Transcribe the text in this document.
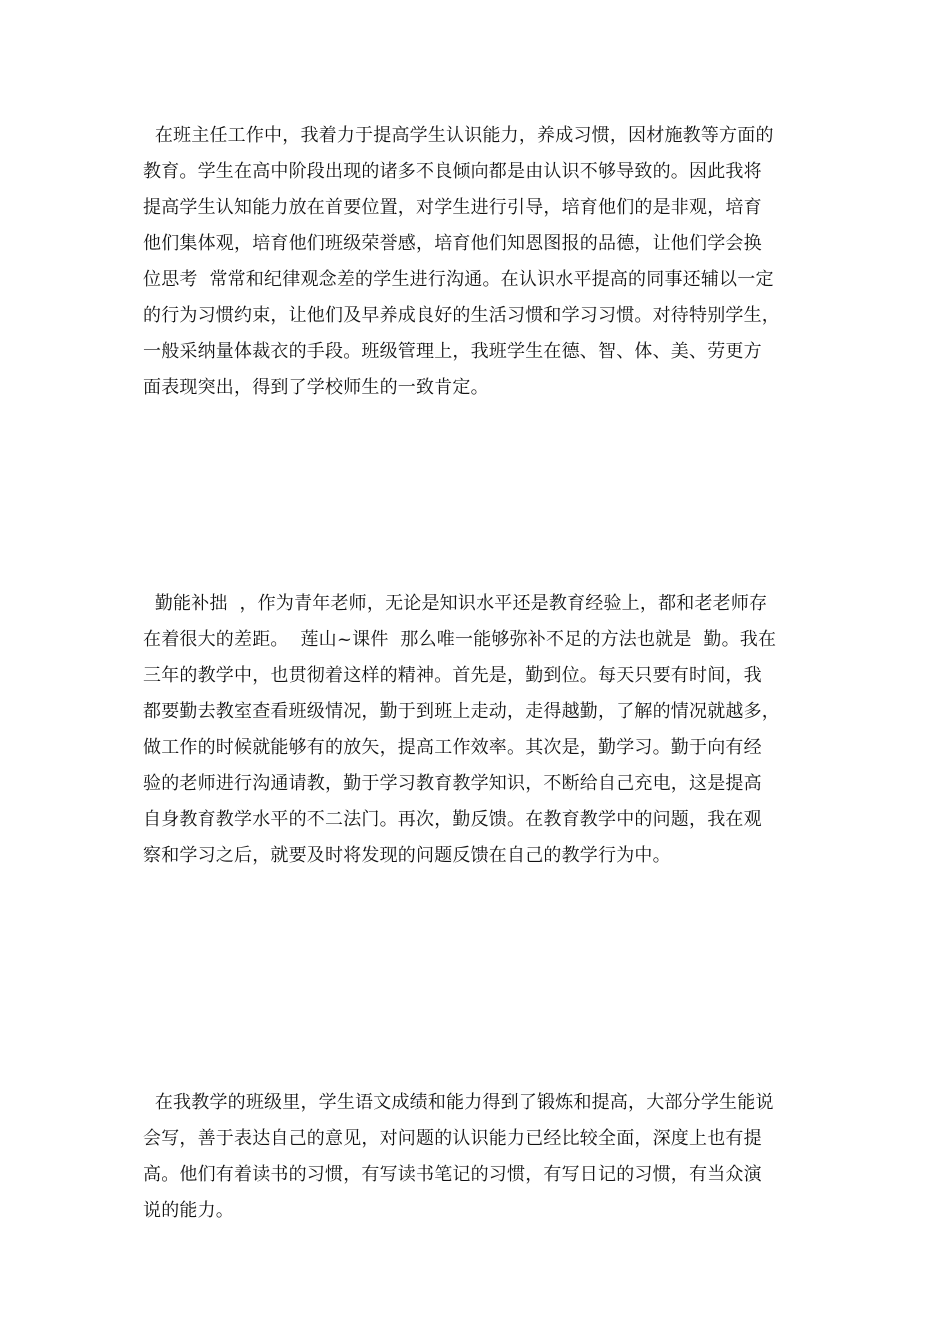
在班主任工作中，我着力于提高学生认识能力，养成习惯，因材施教等方面的
教育。学生在高中阶段出现的诸多不良倾向都是由认识不够导致的。因此我将
提高学生认知能力放在首要位置，对学生进行引导，培育他们的是非观，培育
他们集体观，培育他们班级荣誉感，培育他们知恩图报的品德，让他们学会换
位思考  常常和纪律观念差的学生进行沟通。在认识水平提高的同事还辅以一定
的行为习惯约束，让他们及早养成良好的生活习惯和学习习惯。对待特别学生，
一般采纳量体裁衣的手段。班级管理上，我班学生在德、智、体、美、劳更方
面表现突出，得到了学校师生的一致肯定。
勤能补拙  ，作为青年老师，无论是知识水平还是教育经验上，都和老老师存
在着很大的差距。  莲山~课件  那么唯一能够弥补不足的方法也就是  勤。我在
三年的教学中，也贯彻着这样的精神。首先是，勤到位。每天只要有时间，我
都要勤去教室查看班级情况，勤于到班上走动，走得越勤，了解的情况就越多，
做工作的时候就能够有的放矢，提高工作效率。其次是，勤学习。勤于向有经
验的老师进行沟通请教，勤于学习教育教学知识，不断给自己充电，这是提高
自身教育教学水平的不二法门。再次，勤反馈。在教育教学中的问题，我在观
察和学习之后，就要及时将发现的问题反馈在自己的教学行为中。
在我教学的班级里，学生语文成绩和能力得到了锻炼和提高，大部分学生能说
会写，善于表达自己的意见，对问题的认识能力已经比较全面，深度上也有提
高。他们有着读书的习惯，有写读书笔记的习惯，有写日记的习惯，有当众演
说的能力。
